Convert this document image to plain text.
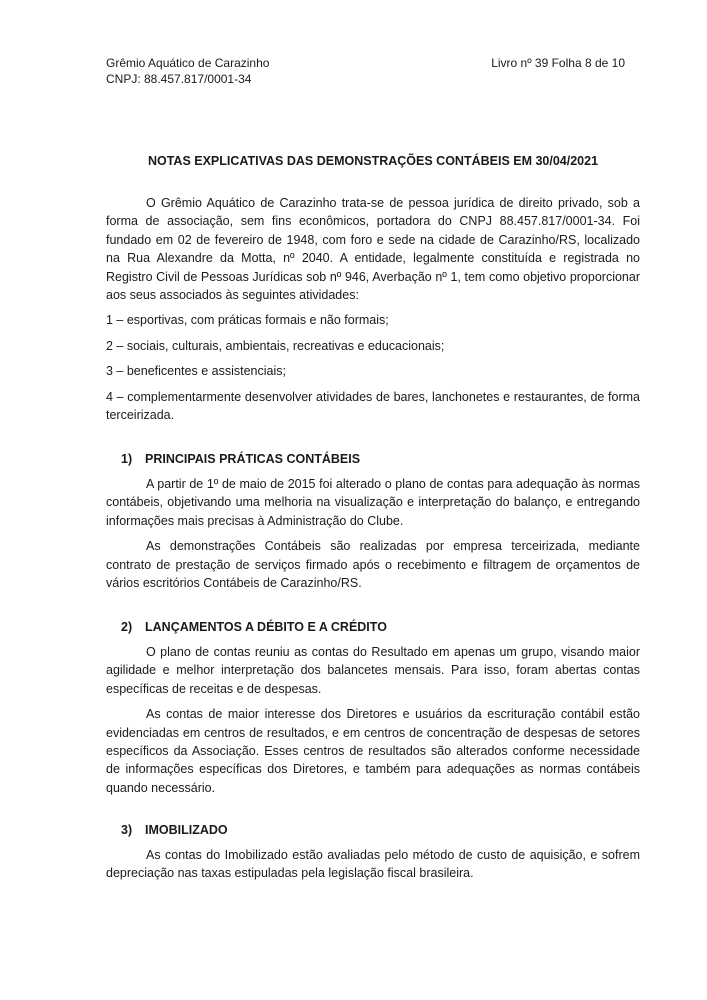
Grêmio Aquático de Carazinho
CNPJ: 88.457.817/0001-34
Livro nº 39 Folha 8 de 10
NOTAS EXPLICATIVAS DAS DEMONSTRAÇÕES CONTÁBEIS EM 30/04/2021

O Grêmio Aquático de Carazinho trata-se de pessoa jurídica de direito privado, sob a forma de associação, sem fins econômicos, portadora do CNPJ 88.457.817/0001-34. Foi fundado em 02 de fevereiro de 1948, com foro e sede na cidade de Carazinho/RS, localizado na Rua Alexandre da Motta, nº 2040. A entidade, legalmente constituída e registrada no Registro Civil de Pessoas Jurídicas sob nº 946, Averbação nº 1, tem como objetivo proporcionar aos seus associados às seguintes atividades:

1 – esportivas, com práticas formais e não formais;

2 – sociais, culturais, ambientais, recreativas e educacionais;

3 – beneficentes e assistenciais;

4 – complementarmente desenvolver atividades de bares, lanchonetes e restaurantes, de forma terceirizada.

1) PRINCIPAIS PRÁTICAS CONTÁBEIS

A partir de 1º de maio de 2015 foi alterado o plano de contas para adequação às normas contábeis, objetivando uma melhoria na visualização e interpretação do balanço, e entregando informações mais precisas à Administração do Clube.

As demonstrações Contábeis são realizadas por empresa terceirizada, mediante contrato de prestação de serviços firmado após o recebimento e filtragem de orçamentos de vários escritórios Contábeis de Carazinho/RS.

2) LANÇAMENTOS A DÉBITO E A CRÉDITO

O plano de contas reuniu as contas do Resultado em apenas um grupo, visando maior agilidade e melhor interpretação dos balancetes mensais. Para isso, foram abertas contas específicas de receitas e de despesas.

As contas de maior interesse dos Diretores e usuários da escrituração contábil estão evidenciadas em centros de resultados, e em centros de concentração de despesas de setores específicos da Associação. Esses centros de resultados são alterados conforme necessidade de informações específicas dos Diretores, e também para adequações as normas contábeis quando necessário.

3) IMOBILIZADO

As contas do Imobilizado estão avaliadas pelo método de custo de aquisição, e sofrem depreciação nas taxas estipuladas pela legislação fiscal brasileira.
